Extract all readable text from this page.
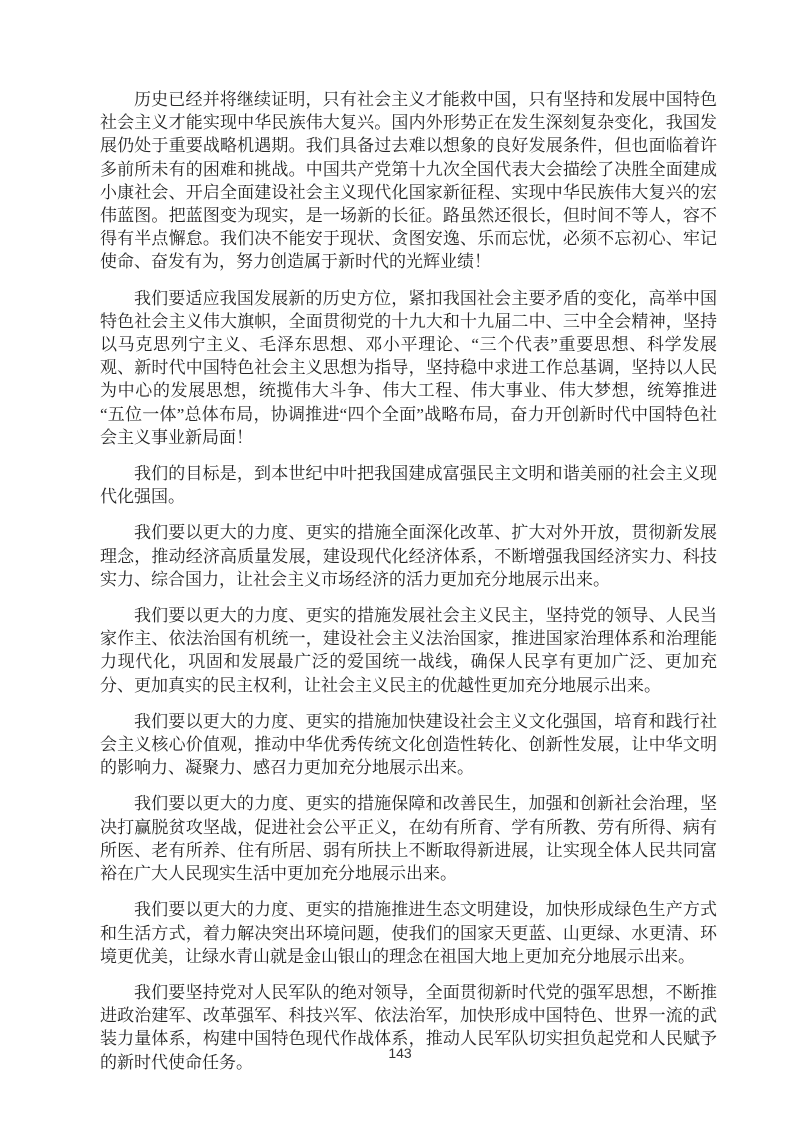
历史已经并将继续证明，只有社会主义才能救中国，只有坚持和发展中国特色社会主义才能实现中华民族伟大复兴。国内外形势正在发生深刻复杂变化，我国发展仍处于重要战略机遇期。我们具备过去难以想象的良好发展条件，但也面临着许多前所未有的困难和挑战。中国共产党第十九次全国代表大会描绘了决胜全面建成小康社会、开启全面建设社会主义现代化国家新征程、实现中华民族伟大复兴的宏伟蓝图。把蓝图变为现实，是一场新的长征。路虽然还很长，但时间不等人，容不得有半点懈怠。我们决不能安于现状、贪图安逸、乐而忘忧，必须不忘初心、牢记使命、奋发有为，努力创造属于新时代的光辉业绩！

我们要适应我国发展新的历史方位，紧扣我国社会主要矛盾的变化，高举中国特色社会主义伟大旗帜，全面贯彻党的十九大和十九届二中、三中全会精神，坚持以马克思列宁主义、毛泽东思想、邓小平理论、“三个代表”重要思想、科学发展观、新时代中国特色社会主义思想为指导，坚持稳中求进工作总基调，坚持以人民为中心的发展思想，统揽伟大斗争、伟大工程、伟大事业、伟大梦想，统筹推进“五位一体”总体布局，协调推进“四个全面”战略布局，奋力开创新时代中国特色社会主义事业新局面！

我们的目标是，到本世纪中叶把我国建成富强民主文明和谐美丽的社会主义现代化强国。

我们要以更大的力度、更实的措施全面深化改革、扩大对外开放，贯彻新发展理念，推动经济高质量发展，建设现代化经济体系，不断增强我国经济实力、科技实力、综合国力，让社会主义市场经济的活力更加充分地展示出来。

我们要以更大的力度、更实的措施发展社会主义民主，坚持党的领导、人民当家作主、依法治国有机统一，建设社会主义法治国家，推进国家治理体系和治理能力现代化，巩固和发展最广泛的爱国统一战线，确保人民享有更加广泛、更加充分、更加真实的民主权利，让社会主义民主的优越性更加充分地展示出来。

我们要以更大的力度、更实的措施加快建设社会主义文化强国，培育和践行社会主义核心价值观，推动中华优秀传统文化创造性转化、创新性发展，让中华文明的影响力、凝聚力、感召力更加充分地展示出来。

我们要以更大的力度、更实的措施保障和改善民生，加强和创新社会治理，坚决打赢脱贫攻坚战，促进社会公平正义，在幼有所育、学有所教、劳有所得、病有所医、老有所养、住有所居、弱有所扶上不断取得新进展，让实现全体人民共同富裕在广大人民现实生活中更加充分地展示出来。

我们要以更大的力度、更实的措施推进生态文明建设，加快形成绿色生产方式和生活方式，着力解决突出环境问题，使我们的国家天更蓝、山更绿、水更清、环境更优美，让绿水青山就是金山银山的理念在祖国大地上更加充分地展示出来。

我们要坚持党对人民军队的绝对领导，全面贯彻新时代党的强军思想，不断推进政治建军、改革强军、科技兴军、依法治军，加快形成中国特色、世界一流的武装力量体系，构建中国特色现代作战体系，推动人民军队切实担负起党和人民赋予的新时代使命任务。	143
